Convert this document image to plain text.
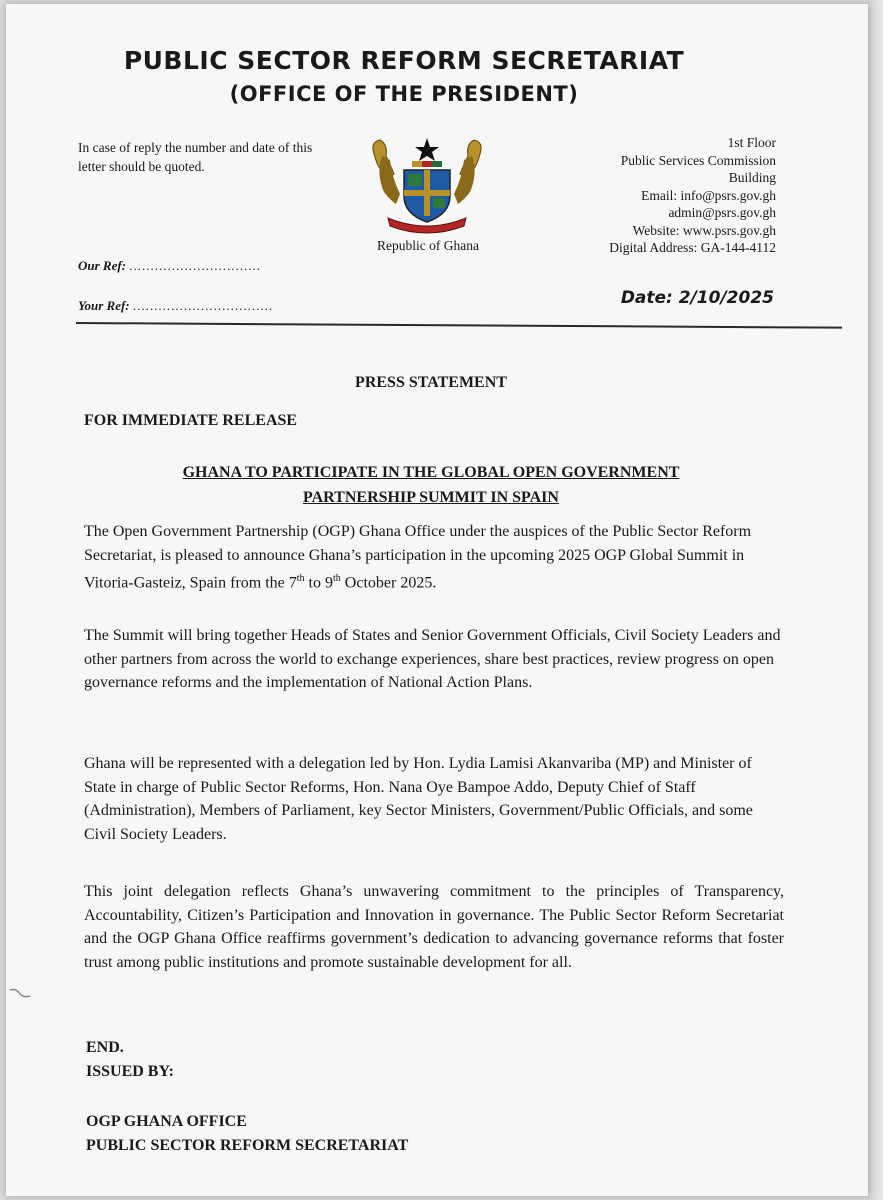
PUBLIC SECTOR REFORM SECRETARIAT
(OFFICE OF THE PRESIDENT)
In case of reply the number and date of this letter should be quoted.
Republic of Ghana
1st Floor
Public Services Commission
Building
Email: info@psrs.gov.gh
admin@psrs.gov.gh
Website: www.psrs.gov.gh
Digital Address: GA-144-4112
Our Ref: ...............................
Your Ref: .................................	Date: 2/10/2025
PRESS STATEMENT
FOR IMMEDIATE RELEASE
GHANA TO PARTICIPATE IN THE GLOBAL OPEN GOVERNMENT
PARTNERSHIP SUMMIT IN SPAIN
The Open Government Partnership (OGP) Ghana Office under the auspices of the Public Sector Reform Secretariat, is pleased to announce Ghana’s participation in the upcoming 2025 OGP Global Summit in Vitoria-Gasteiz, Spain from the 7th to 9th October 2025.
The Summit will bring together Heads of States and Senior Government Officials, Civil Society Leaders and other partners from across the world to exchange experiences, share best practices, review progress on open governance reforms and the implementation of National Action Plans.
Ghana will be represented with a delegation led by Hon. Lydia Lamisi Akanvariba (MP) and Minister of State in charge of Public Sector Reforms, Hon. Nana Oye Bampoe Addo, Deputy Chief of Staff (Administration), Members of Parliament, key Sector Ministers, Government/Public Officials, and some Civil Society Leaders.
This joint delegation reflects Ghana’s unwavering commitment to the principles of Transparency, Accountability, Citizen’s Participation and Innovation in governance. The Public Sector Reform Secretariat and the OGP Ghana Office reaffirms government’s dedication to advancing governance reforms that foster trust among public institutions and promote sustainable development for all.
END.
ISSUED BY:
OGP GHANA OFFICE
PUBLIC SECTOR REFORM SECRETARIAT
